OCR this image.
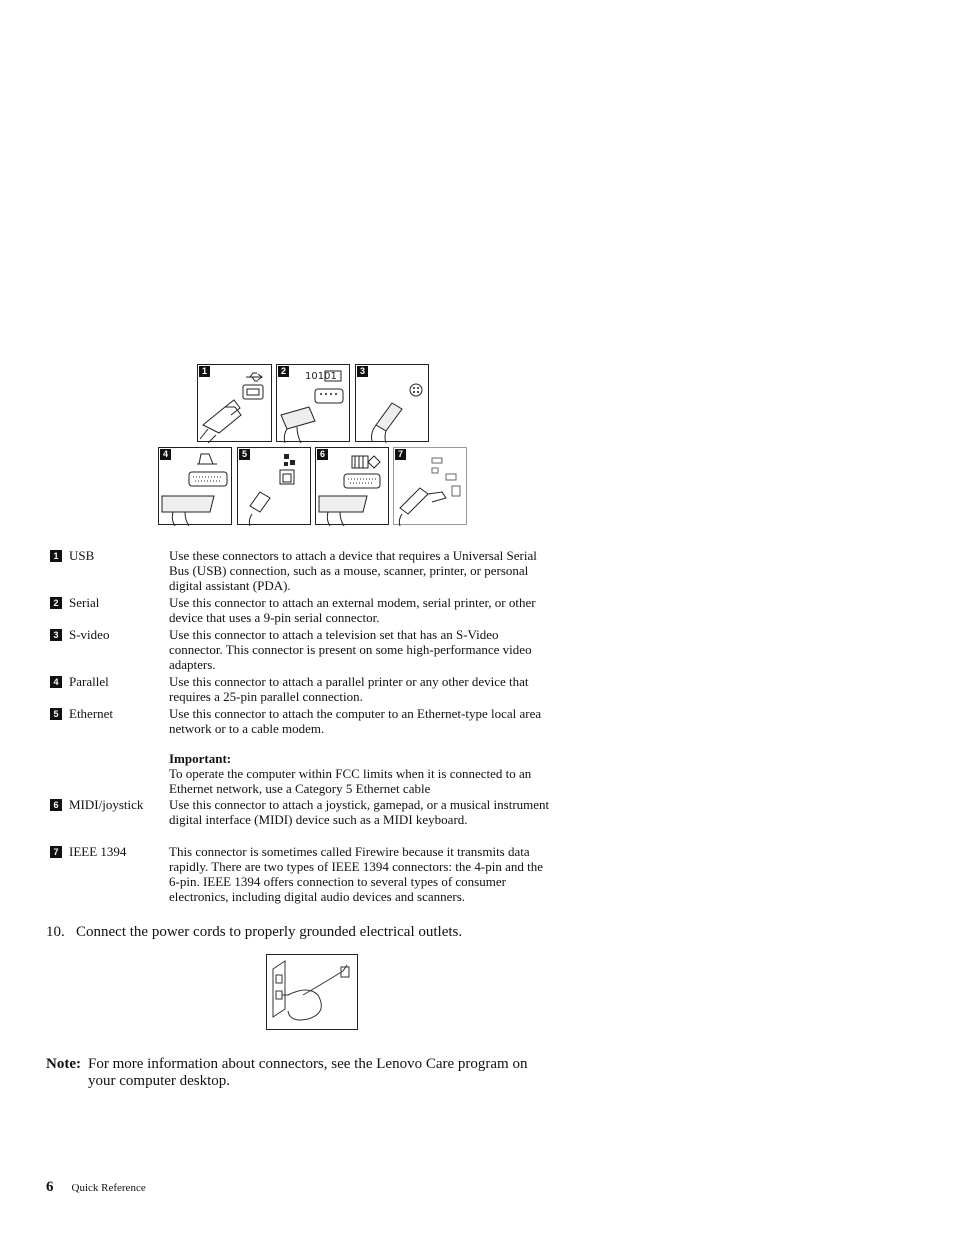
1	2	10101	3
4	5	6	7
1 USB	Use these connectors to attach a device that requires a Universal Serial Bus (USB) connection, such as a mouse, scanner, printer, or personal digital assistant (PDA).
2 Serial	Use this connector to attach an external modem, serial printer, or other device that uses a 9-pin serial connector.
3 S-video	Use this connector to attach a television set that has an S-Video connector. This connector is present on some high-performance video adapters.
4 Parallel	Use this connector to attach a parallel printer or any other device that requires a 25-pin parallel connection.
5 Ethernet	Use this connector to attach the computer to an Ethernet-type local area network or to a cable modem.
Important:
To operate the computer within FCC limits when it is connected to an Ethernet network, use a Category 5 Ethernet cable
6 MIDI/joystick Use this connector to attach a joystick, gamepad, or a musical instrument digital interface (MIDI) device such as a MIDI keyboard.
7 IEEE 1394	This connector is sometimes called Firewire because it transmits data rapidly. There are two types of IEEE 1394 connectors: the 4-pin and the 6-pin. IEEE 1394 offers connection to several types of consumer electronics, including digital audio devices and scanners.
10. Connect the power cords to properly grounded electrical outlets.
Note: For more information about connectors, see the Lenovo Care program on your computer desktop.
6 Quick Reference
